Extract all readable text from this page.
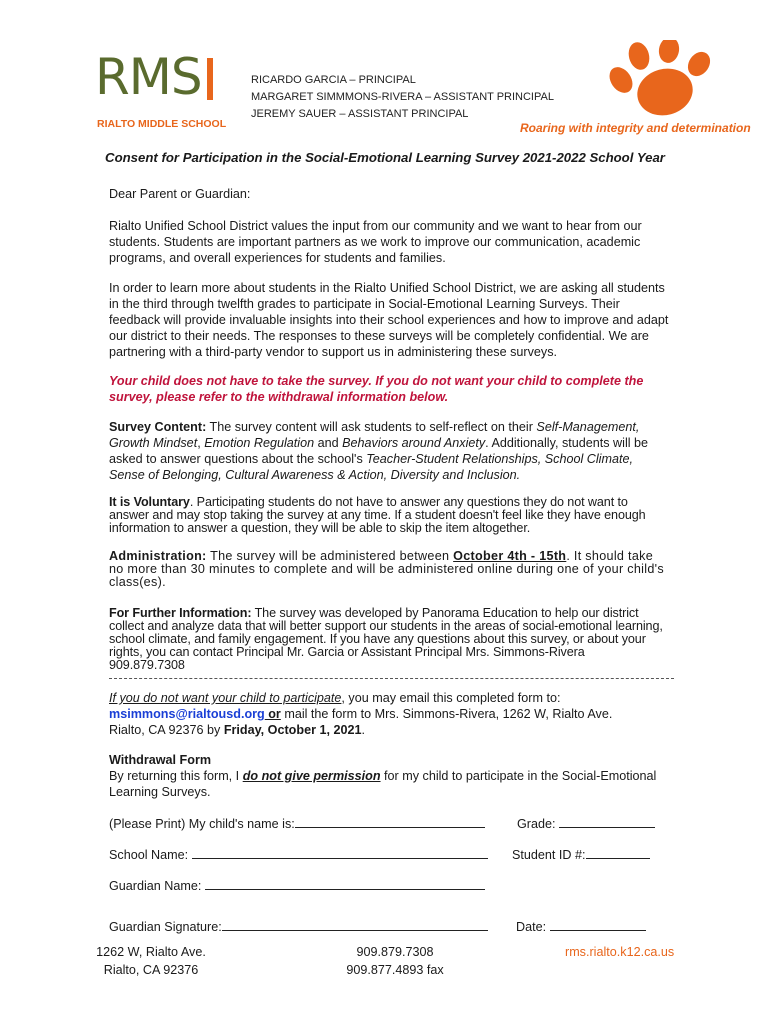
RMS
RIALTO MIDDLE SCHOOL
RICARDO GARCIA – PRINCIPAL
MARGARET SIMMMONS-RIVERA – ASSISTANT PRINCIPAL
JEREMY SAUER – ASSISTANT PRINCIPAL
Roaring with integrity and determination
Consent for Participation in the Social-Emotional Learning Survey 2021-2022 School Year
Dear Parent or Guardian:
Rialto Unified School District values the input from our community and we want to hear from our students. Students are important partners as we work to improve our communication, academic programs, and overall experiences for students and families.
In order to learn more about students in the Rialto Unified School District, we are asking all students in the third through twelfth grades to participate in Social-Emotional Learning Surveys. Their feedback will provide invaluable insights into their school experiences and how to improve and adapt our district to their needs. The responses to these surveys will be completely confidential. We are partnering with a third-party vendor to support us in administering these surveys.
Your child does not have to take the survey. If you do not want your child to complete the survey, please refer to the withdrawal information below.
Survey Content: The survey content will ask students to self-reflect on their Self-Management, Growth Mindset, Emotion Regulation and Behaviors around Anxiety. Additionally, students will be asked to answer questions about the school's Teacher-Student Relationships, School Climate, Sense of Belonging, Cultural Awareness & Action, Diversity and Inclusion.
It is Voluntary. Participating students do not have to answer any questions they do not want to answer and may stop taking the survey at any time. If a student doesn't feel like they have enough information to answer a question, they will be able to skip the item altogether.
Administration: The survey will be administered between October 4th - 15th. It should take no more than 30 minutes to complete and will be administered online during one of your child's class(es).
For Further Information: The survey was developed by Panorama Education to help our district collect and analyze data that will better support our students in the areas of social-emotional learning, school climate, and family engagement. If you have any questions about this survey, or about your rights, you can contact Principal Mr. Garcia or Assistant Principal Mrs. Simmons-Rivera
909.879.7308
If you do not want your child to participate, you may email this completed form to:
msimmons@rialtousd.org or mail the form to Mrs. Simmons-Rivera, 1262 W, Rialto Ave.
Rialto, CA 92376 by Friday, October 1, 2021.
Withdrawal Form
By returning this form, I do not give permission for my child to participate in the Social-Emotional Learning Surveys.
(Please Print) My child's name is:	Grade:
School Name:	Student ID #:
Guardian Name:
Guardian Signature:	Date:
1262 W, Rialto Ave.
Rialto, CA 92376
909.879.7308
909.877.4893 fax
rms.rialto.k12.ca.us
